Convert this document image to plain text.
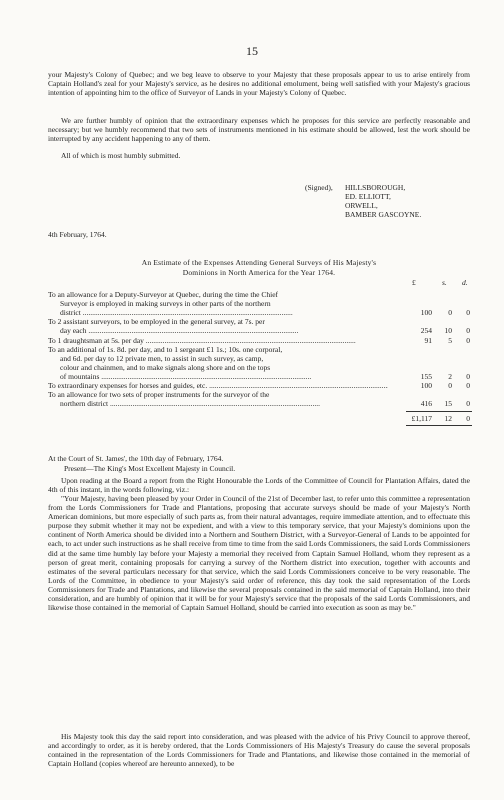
15

your Majesty's Colony of Quebec; and we beg leave to observe to your Majesty that these proposals appear to us to arise entirely from Captain Holland's zeal for your Majesty's service, as he desires no additional emolument, being well satisfied with your Majesty's gracious intention of appointing him to the office of Surveyor of Lands in your Majesty's Colony of Quebec.

We are further humbly of opinion that the extraordinary expenses which he proposes for this service are perfectly reasonable and necessary; but we humbly recommend that two sets of instruments mentioned in his estimate should be allowed, lest the work should be interrupted by any accident happening to any of them.

All of which is most humbly submitted.

(Signed),	HILLSBOROUGH,
ED. ELLIOTT,
ORWELL,
BAMBER GASCOYNE.
4th February, 1764.
An Estimate of the Expenses Attending General Surveys of His Majesty's
Dominions in North America for the Year 1764.
£	s. d.
To an allowance for a Deputy-Surveyor at Quebec, during the time the Chief
Surveyor is employed in making surveys in other parts of the northern
district .....	100	0	0
To 2 assistant surveyors, to be employed in the general survey, at 7s. per
day each .....	254	10	0
To 1 draughtsman at 5s. per day .....	91	5	0
To an additional of 1s. 8d. per day, and to 1 sergeant £1 1s.; 10s. one corporal,
and 6d. per day to 12 private men, to assist in such survey, as camp,
colour and chainmen, and to make signals along shore and on the tops
of mountains .....	155	2	0
To extraordinary expenses for horses and guides, etc. .....	100	0	0
To an allowance for two sets of proper instruments for the surveyor of the
northern district .....	416	15	0
£1,117	12	0
At the Court of St. James', the 10th day of February, 1764.
Present—The King's Most Excellent Majesty in Council.

Upon reading at the Board a report from the Right Honourable the Lords of the Committee of Council for Plantation Affairs, dated the 4th of this instant, in the words following, viz.:

"Your Majesty, having been pleased by your Order in Council of the 21st of December last, to refer unto this committee a representation from the Lords Commissioners for Trade and Plantations, proposing that accurate surveys should be made of your Majesty's North American dominions, but more especially of such parts as, from their natural advantages, require immediate attention, and to effectuate this purpose they submit whether it may not be expedient, and with a view to this temporary service, that your Majesty's dominions upon the continent of North America should be divided into a Northern and Southern District, with a Surveyor-General of Lands to be appointed for each, to act under such instructions as he shall receive from time to time from the said Lords Commissioners, the said Lords Commissioners did at the same time humbly lay before your Majesty a memorial they received from Captain Samuel Holland, whom they represent as a person of great merit, containing proposals for carrying a survey of the Northern district into execution, together with accounts and estimates of the several particulars necessary for that service, which the said Lords Commissioners conceive to be very reasonable. The Lords of the Committee, in obedience to your Majesty's said order of reference, this day took the said representation of the Lords Commissioners for Trade and Plantations, and likewise the several proposals contained in the said memorial of Captain Holland, into their consideration, and are humbly of opinion that it will be for your Majesty's service that the proposals of the said Lords Commissioners, and likewise those contained in the memorial of Captain Samuel Holland, should be carried into execution as soon as may be."

His Majesty took this day the said report into consideration, and was pleased with the advice of his Privy Council to approve thereof, and accordingly to order, as it is hereby ordered, that the Lords Commissioners of His Majesty's Treasury do cause the several proposals contained in the representation of the Lords Commissioners for Trade and Plantations, and likewise those contained in the memorial of Captain Holland (copies whereof are hereunto annexed), to be
